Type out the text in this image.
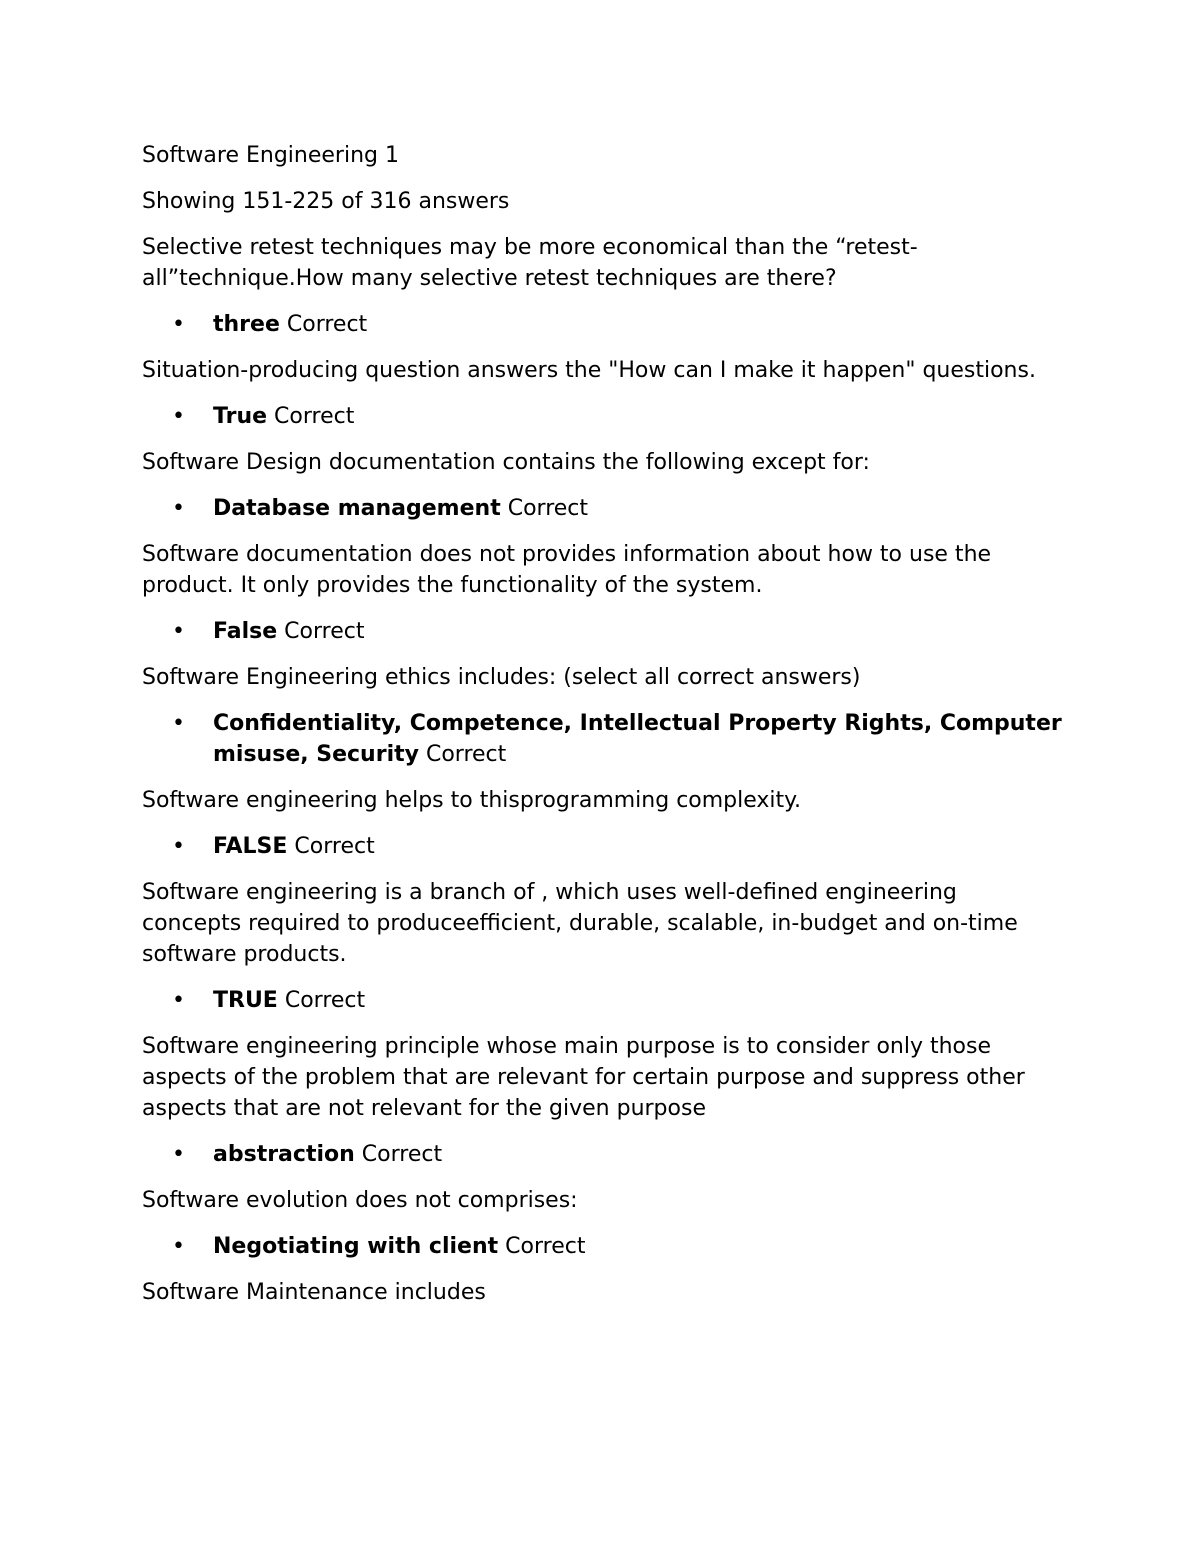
Software Engineering 1

Showing 151-225 of 316 answers

Selective retest techniques may be more economical than the “retest-all”technique.How many selective retest techniques are there?

•	three Correct

Situation-producing question answers the "How can I make it happen" questions.

•	True Correct

Software Design documentation contains the following except for:

•	Database management Correct

Software documentation does not provides information about how to use the product. It only provides the functionality of the system.

•	False Correct

Software Engineering ethics includes: (select all correct answers)

•	Confidentiality, Competence, Intellectual Property Rights, Computer misuse, Security Correct

Software engineering helps to thisprogramming complexity.

•	FALSE Correct

Software engineering is a branch of , which uses well-defined engineering concepts required to produceefficient, durable, scalable, in-budget and on-time software products.

•	TRUE Correct

Software engineering principle whose main purpose is to consider only those aspects of the problem that are relevant for certain purpose and suppress other aspects that are not relevant for the given purpose

•	abstraction Correct

Software evolution does not comprises:

•	Negotiating with client Correct

Software Maintenance includes
